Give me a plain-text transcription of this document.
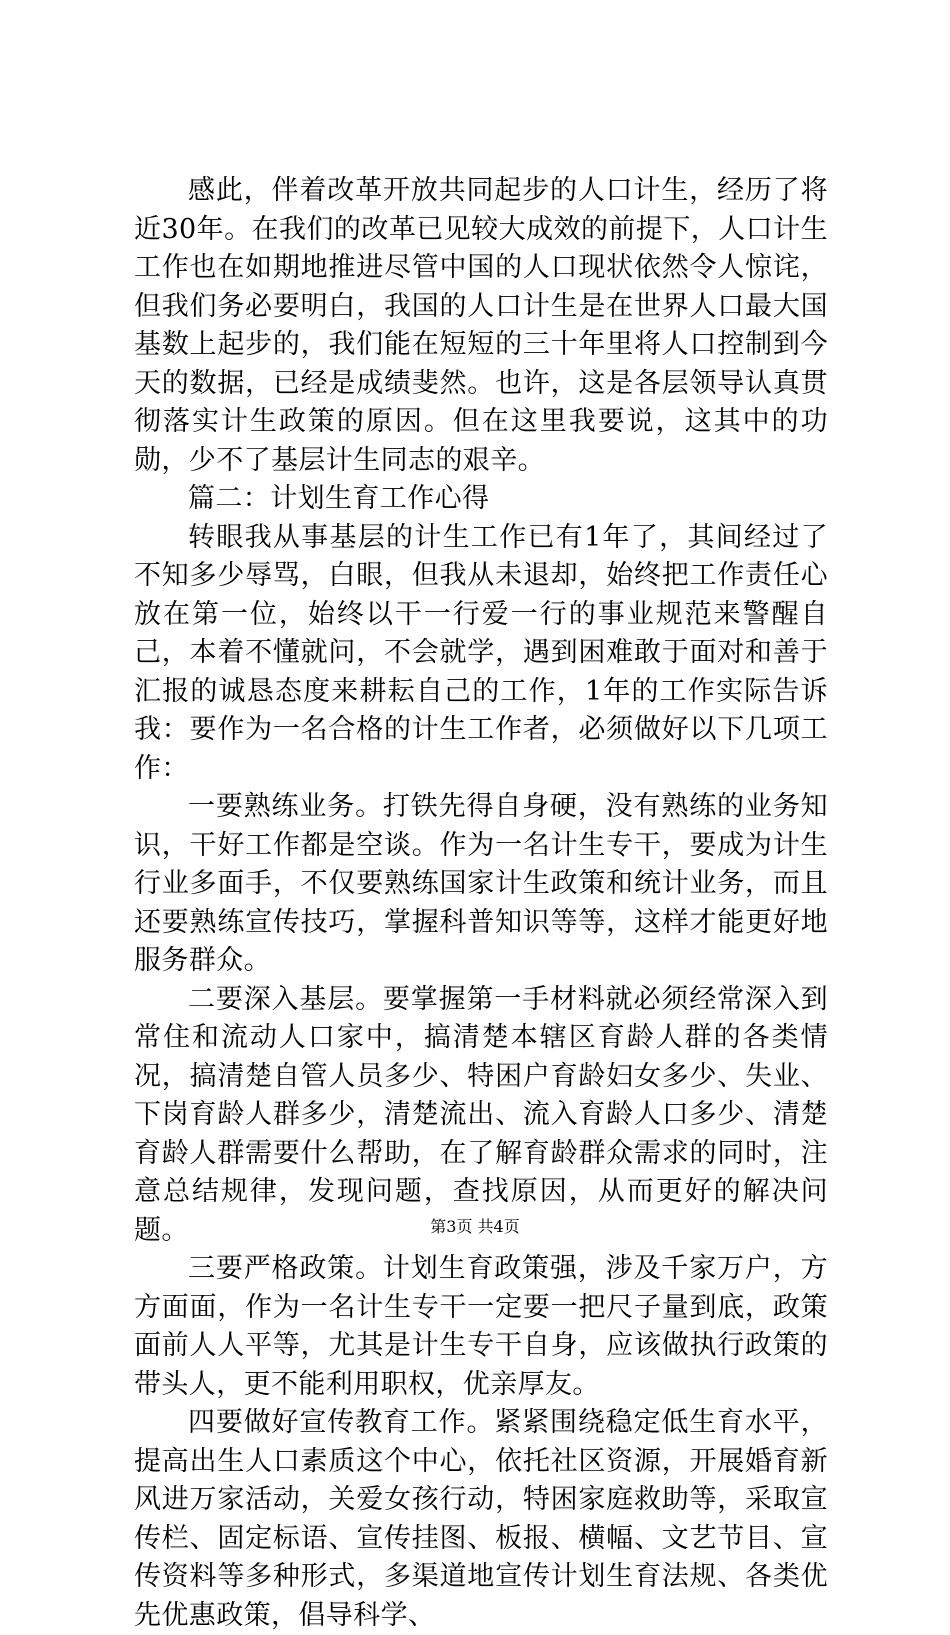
感此，伴着改革开放共同起步的人口计生，经历了将近30年。在我们的改革已见较大成效的前提下，人口计生工作也在如期地推进尽管中国的人口现状依然令人惊诧，但我们务必要明白，我国的人口计生是在世界人口最大国基数上起步的，我们能在短短的三十年里将人口控制到今天的数据，已经是成绩斐然。也许，这是各层领导认真贯彻落实计生政策的原因。但在这里我要说，这其中的功勋，少不了基层计生同志的艰辛。

篇二：计划生育工作心得

转眼我从事基层的计生工作已有1年了，其间经过了不知多少辱骂，白眼，但我从未退却，始终把工作责任心放在第一位，始终以干一行爱一行的事业规范来警醒自己，本着不懂就问，不会就学，遇到困难敢于面对和善于汇报的诚恳态度来耕耘自己的工作，1年的工作实际告诉我：要作为一名合格的计生工作者，必须做好以下几项工作：

一要熟练业务。打铁先得自身硬，没有熟练的业务知识，干好工作都是空谈。作为一名计生专干，要成为计生行业多面手，不仅要熟练国家计生政策和统计业务，而且还要熟练宣传技巧，掌握科普知识等等，这样才能更好地服务群众。

二要深入基层。要掌握第一手材料就必须经常深入到常住和流动人口家中，搞清楚本辖区育龄人群的各类情况，搞清楚自管人员多少、特困户育龄妇女多少、失业、下岗育龄人群多少，清楚流出、流入育龄人口多少、清楚育龄人群需要什么帮助，在了解育龄群众需求的同时，注意总结规律，发现问题，查找原因，从而更好的解决问题。

三要严格政策。计划生育政策强，涉及千家万户，方方面面，作为一名计生专干一定要一把尺子量到底，政策面前人人平等，尤其是计生专干自身，应该做执行政策的带头人，更不能利用职权，优亲厚友。

四要做好宣传教育工作。紧紧围绕稳定低生育水平，提高出生人口素质这个中心，依托社区资源，开展婚育新风进万家活动，关爱女孩行动，特困家庭救助等，采取宣传栏、固定标语、宣传挂图、板报、横幅、文艺节目、宣传资料等多种形式，多渠道地宣传计划生育法规、各类优先优惠政策，倡导科学、

第3页 共4页
